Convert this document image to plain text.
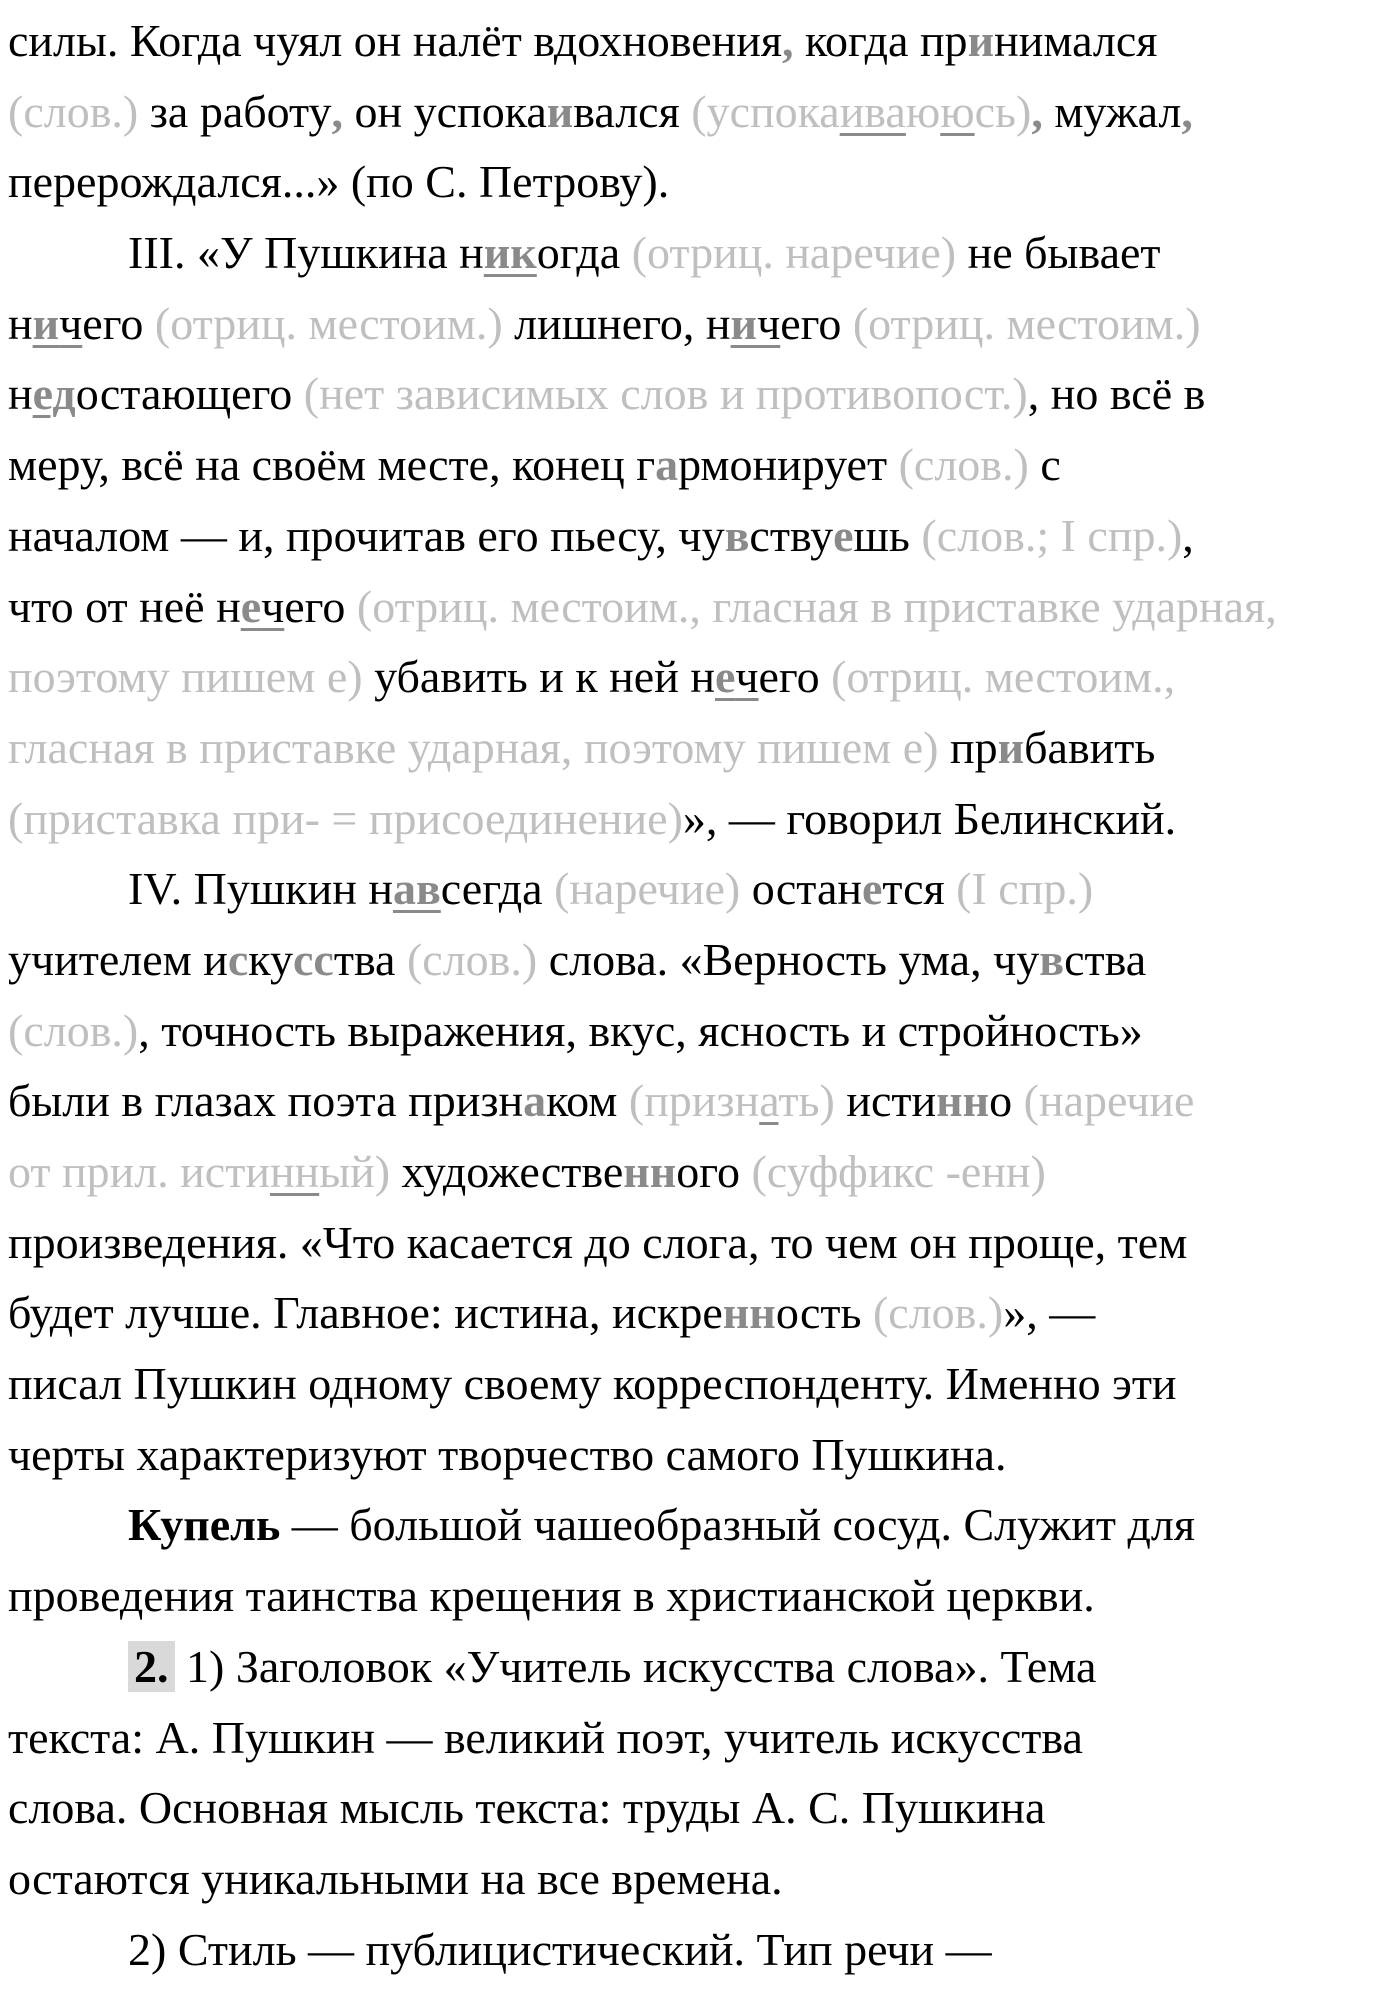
силы. Когда чуял он налёт вдохновения, когда принимался
(слов.) за работу, он успокаивался (успокаиваююсь), мужал,
перерождался...» (по С. Петрову).
III. «У Пушкина никогда (отриц. наречие) не бывает
ничего (отриц. местоим.) лишнего, ничего (отриц. местоим.)
недостающего (нет зависимых слов и противопост.), но всё в
меру, всё на своём месте, конец гармонирует (слов.) с
началом — и, прочитав его пьесу, чувствуешь (слов.; I спр.),
что от неё нечего (отриц. местоим., гласная в приставке ударная,
поэтому пишем е) убавить и к ней нечего (отриц. местоим.,
гласная в приставке ударная, поэтому пишем е) прибавить
(приставка при- = присоединение)», — говорил Белинский.
IV. Пушкин навсегда (наречие) останется (I спр.)
учителем искусства (слов.) слова. «Верность ума, чувства
(слов.), точность выражения, вкус, ясность и стройность»
были в глазах поэта признаком (признать) истинно (наречие
от прил. истинный) художественного (суффикс -енн)
произведения. «Что касается до слога, то чем он проще, тем
будет лучше. Главное: истина, искренность (слов.)», —
писал Пушкин одному своему корреспонденту. Именно эти
черты характеризуют творчество самого Пушкина.
Купель — большой чашеобразный сосуд. Служит для
проведения таинства крещения в христианской церкви.
2. 1) Заголовок «Учитель искусства слова». Тема
текста: А. Пушкин — великий поэт, учитель искусства
слова. Основная мысль текста: труды А. С. Пушкина
остаются уникальными на все времена.
2) Стиль — публицистический. Тип речи —
